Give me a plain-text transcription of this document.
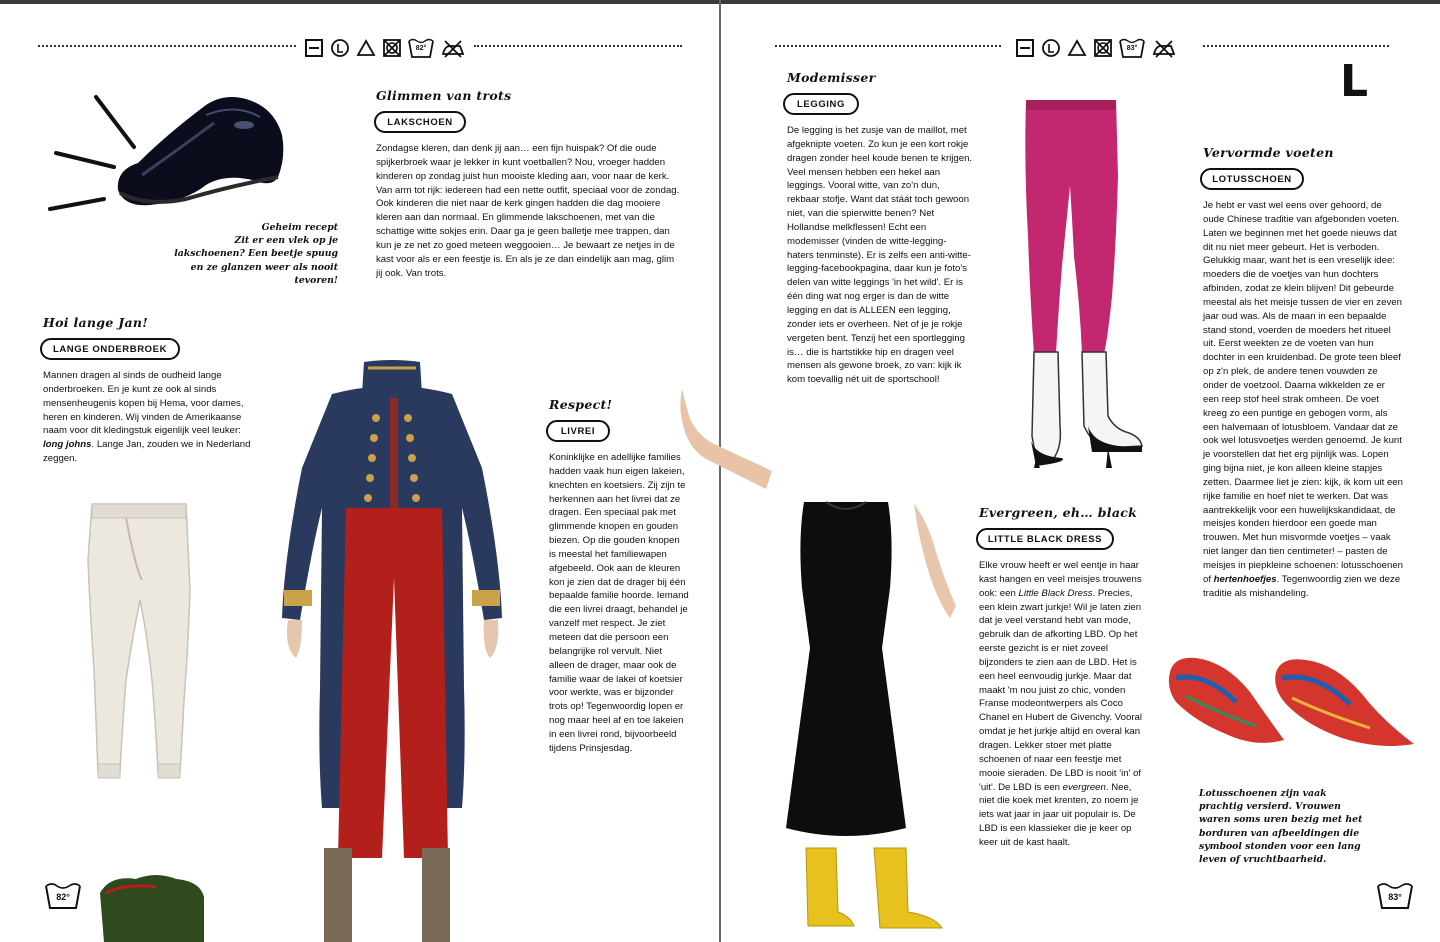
82°
Geheim recept
Zit er een vlek op je lakschoenen? Een beetje spuug en ze glanzen weer als nooit tevoren!
Glimmen van trots
LAKSCHOEN
Zondagse kleren, dan denk jij aan… een fijn huispak? Of die oude spijkerbroek waar je lekker in kunt voetballen? Nou, vroeger hadden kinderen op zondag juist hun mooiste kleding aan, voor naar de kerk. Van arm tot rijk: iedereen had een nette outfit, speciaal voor de zondag. Ook kinderen die niet naar de kerk gingen hadden die dag mooiere kleren aan dan normaal. En glimmende lakschoenen, met van die schattige witte sokjes erin. Daar ga je geen balletje mee trappen, dan kun je ze net zo goed meteen weggooien… Je bewaart ze netjes in de kast voor als er een feestje is. En als je ze dan eindelijk aan mag, glim jij ook. Van trots.
Hoi lange Jan!
LANGE ONDERBROEK
Mannen dragen al sinds de oudheid lange onderbroeken. En je kunt ze ook al sinds mensenheugenis kopen bij Hema, voor dames, heren en kinderen. Wij vinden de Amerikaanse naam voor dit kledingstuk eigenlijk veel leuker: long johns. Lange Jan, zouden we in Nederland zeggen.
Respect!
LIVREI
Koninklijke en adellijke families hadden vaak hun eigen lakeien, knechten en koetsiers. Zij zijn te herkennen aan het livrei dat ze dragen. Een speciaal pak met glimmende knopen en gouden biezen. Op die gouden knopen is meestal het familiewapen afgebeeld. Ook aan de kleuren kon je zien dat de drager bij één bepaalde familie hoorde. Iemand die een livrei draagt, behandel je vanzelf met respect. Je ziet meteen dat die persoon een belangrijke rol vervult. Niet alleen de drager, maar ook de familie waar de lakei of koetsier voor werkte, was er bijzonder trots op! Tegenwoordig lopen er nog maar heel af en toe lakeien in een livrei rond, bijvoorbeeld tijdens Prinsjesdag.
82°
83°
L
Modemisser
LEGGING
De legging is het zusje van de maillot, met afgeknipte voeten. Zo kun je een kort rokje dragen zonder heel koude benen te krijgen. Veel mensen hebben een hekel aan leggings. Vooral witte, van zo'n dun, rekbaar stofje. Want dat stáát toch gewoon niet, van die spierwitte benen? Net Hollandse melkflessen! Echt een modemisser (vinden de witte-legging-haters tenminste). Er is zelfs een anti-witte-legging-facebookpagina, daar kun je foto's delen van witte leggings 'in het wild'. Er is één ding wat nog erger is dan de witte legging en dat is ALLEEN een legging, zonder iets er overheen. Net of je je rokje vergeten bent. Tenzij het een sportlegging is… die is hartstikke hip en dragen veel mensen als gewone broek, zo van: kijk ik kom toevallig nét uit de sportschool!
Evergreen, eh… black
LITTLE BLACK DRESS
Elke vrouw heeft er wel eentje in haar kast hangen en veel meisjes trouwens ook: een Little Black Dress. Precies, een klein zwart jurkje! Wil je laten zien dat je veel verstand hebt van mode, gebruik dan de afkorting LBD. Op het eerste gezicht is er niet zoveel bijzonders te zien aan de LBD. Het is een heel eenvoudig jurkje. Maar dat maakt 'm nou juist zo chic, vonden Franse modeontwerpers als Coco Chanel en Hubert de Givenchy. Vooral omdat je het jurkje altijd en overal kan dragen. Lekker stoer met platte schoenen of naar een feestje met mooie sieraden. De LBD is nooit 'in' of 'uit'. De LBD is een evergreen. Nee, niet die koek met krenten, zo noem je iets wat jaar in jaar uit populair is. De LBD is een klassieker die je keer op keer uit de kast haalt.
Vervormde voeten
LOTUSSCHOEN
Je hebt er vast wel eens over gehoord, de oude Chinese traditie van afgebonden voeten. Laten we beginnen met het goede nieuws dat dit nu niet meer gebeurt. Het is verboden. Gelukkig maar, want het is een vreselijk idee: moeders die de voetjes van hun dochters afbinden, zodat ze klein blijven! Dit gebeurde meestal als het meisje tussen de vier en zeven jaar oud was. Als de maan in een bepaalde stand stond, voerden de moeders het ritueel uit. Eerst weekten ze de voeten van hun dochter in een kruidenbad. De grote teen bleef op z'n plek, de andere tenen vouwden ze onder de voetzool. Daarna wikkelden ze er een reep stof heel strak omheen. De voet kreeg zo een puntige en gebogen vorm, als een halvemaan of lotusbloem. Vandaar dat ze ook wel lotusvoetjes werden genoemd. Je kunt je voorstellen dat het erg pijnlijk was. Lopen ging bijna niet, je kon alleen kleine stapjes zetten. Daarmee liet je zien: kijk, ik kom uit een rijke familie en hoef niet te werken. Dat was aantrekkelijk voor een huwelijkskandidaat, de meisjes konden hierdoor een goede man trouwen. Met hun misvormde voetjes – vaak niet langer dan tien centimeter! – pasten de meisjes in piepkleine schoenen: lotusschoenen of hertenhoefjes. Tegenwoordig zien we deze traditie als mishandeling.
Lotusschoenen zijn vaak prachtig versierd. Vrouwen waren soms uren bezig met het borduren van afbeeldingen die symbool stonden voor een lang leven of vruchtbaarheid.
83°
